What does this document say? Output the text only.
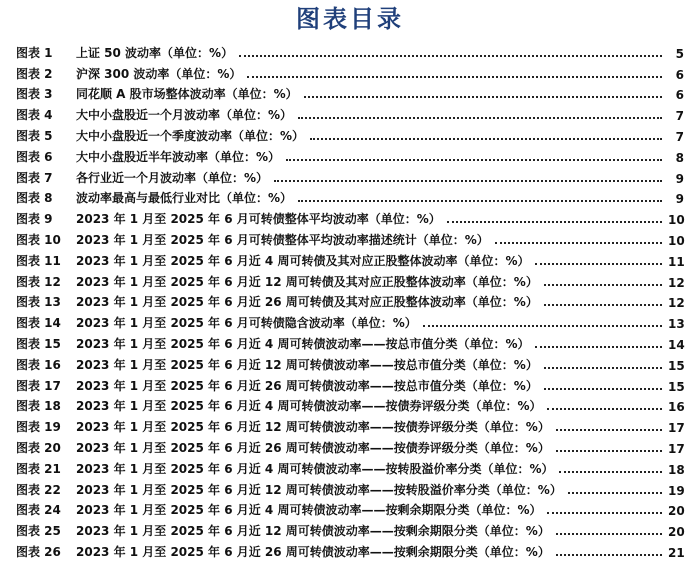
图表目录
图表 1	上证 50 波动率（单位：%）	5
图表 2	沪深 300 波动率（单位：%）	6
图表 3	同花顺 A 股市场整体波动率（单位：%）	6
图表 4	大中小盘股近一个月波动率（单位：%）	7
图表 5	大中小盘股近一个季度波动率（单位：%）	7
图表 6	大中小盘股近半年波动率（单位：%）	8
图表 7	各行业近一个月波动率（单位：%）	9
图表 8	波动率最高与最低行业对比（单位：%）	9
图表 9	2023 年 1 月至 2025 年 6 月可转债整体平均波动率（单位：%）	10
图表 10	2023 年 1 月至 2025 年 6 月可转债整体平均波动率描述统计（单位：%）	10
图表 11	2023 年 1 月至 2025 年 6 月近 4 周可转债及其对应正股整体波动率（单位：%）	11
图表 12	2023 年 1 月至 2025 年 6 月近 12 周可转债及其对应正股整体波动率（单位：%）	12
图表 13	2023 年 1 月至 2025 年 6 月近 26 周可转债及其对应正股整体波动率（单位：%）	12
图表 14	2023 年 1 月至 2025 年 6 月可转债隐含波动率（单位：%）	13
图表 15	2023 年 1 月至 2025 年 6 月近 4 周可转债波动率——按总市值分类（单位：%）	14
图表 16	2023 年 1 月至 2025 年 6 月近 12 周可转债波动率——按总市值分类（单位：%）	15
图表 17	2023 年 1 月至 2025 年 6 月近 26 周可转债波动率——按总市值分类（单位：%）	15
图表 18	2023 年 1 月至 2025 年 6 月近 4 周可转债波动率——按债券评级分类（单位：%）	16
图表 19	2023 年 1 月至 2025 年 6 月近 12 周可转债波动率——按债券评级分类（单位：%）	17
图表 20	2023 年 1 月至 2025 年 6 月近 26 周可转债波动率——按债券评级分类（单位：%）	17
图表 21	2023 年 1 月至 2025 年 6 月近 4 周可转债波动率——按转股溢价率分类（单位：%）	18
图表 22	2023 年 1 月至 2025 年 6 月近 12 周可转债波动率——按转股溢价率分类（单位：%）	19
图表 24	2023 年 1 月至 2025 年 6 月近 4 周可转债波动率——按剩余期限分类（单位：%）	20
图表 25	2023 年 1 月至 2025 年 6 月近 12 周可转债波动率——按剩余期限分类（单位：%）	20
图表 26	2023 年 1 月至 2025 年 6 月近 26 周可转债波动率——按剩余期限分类（单位：%）	21
